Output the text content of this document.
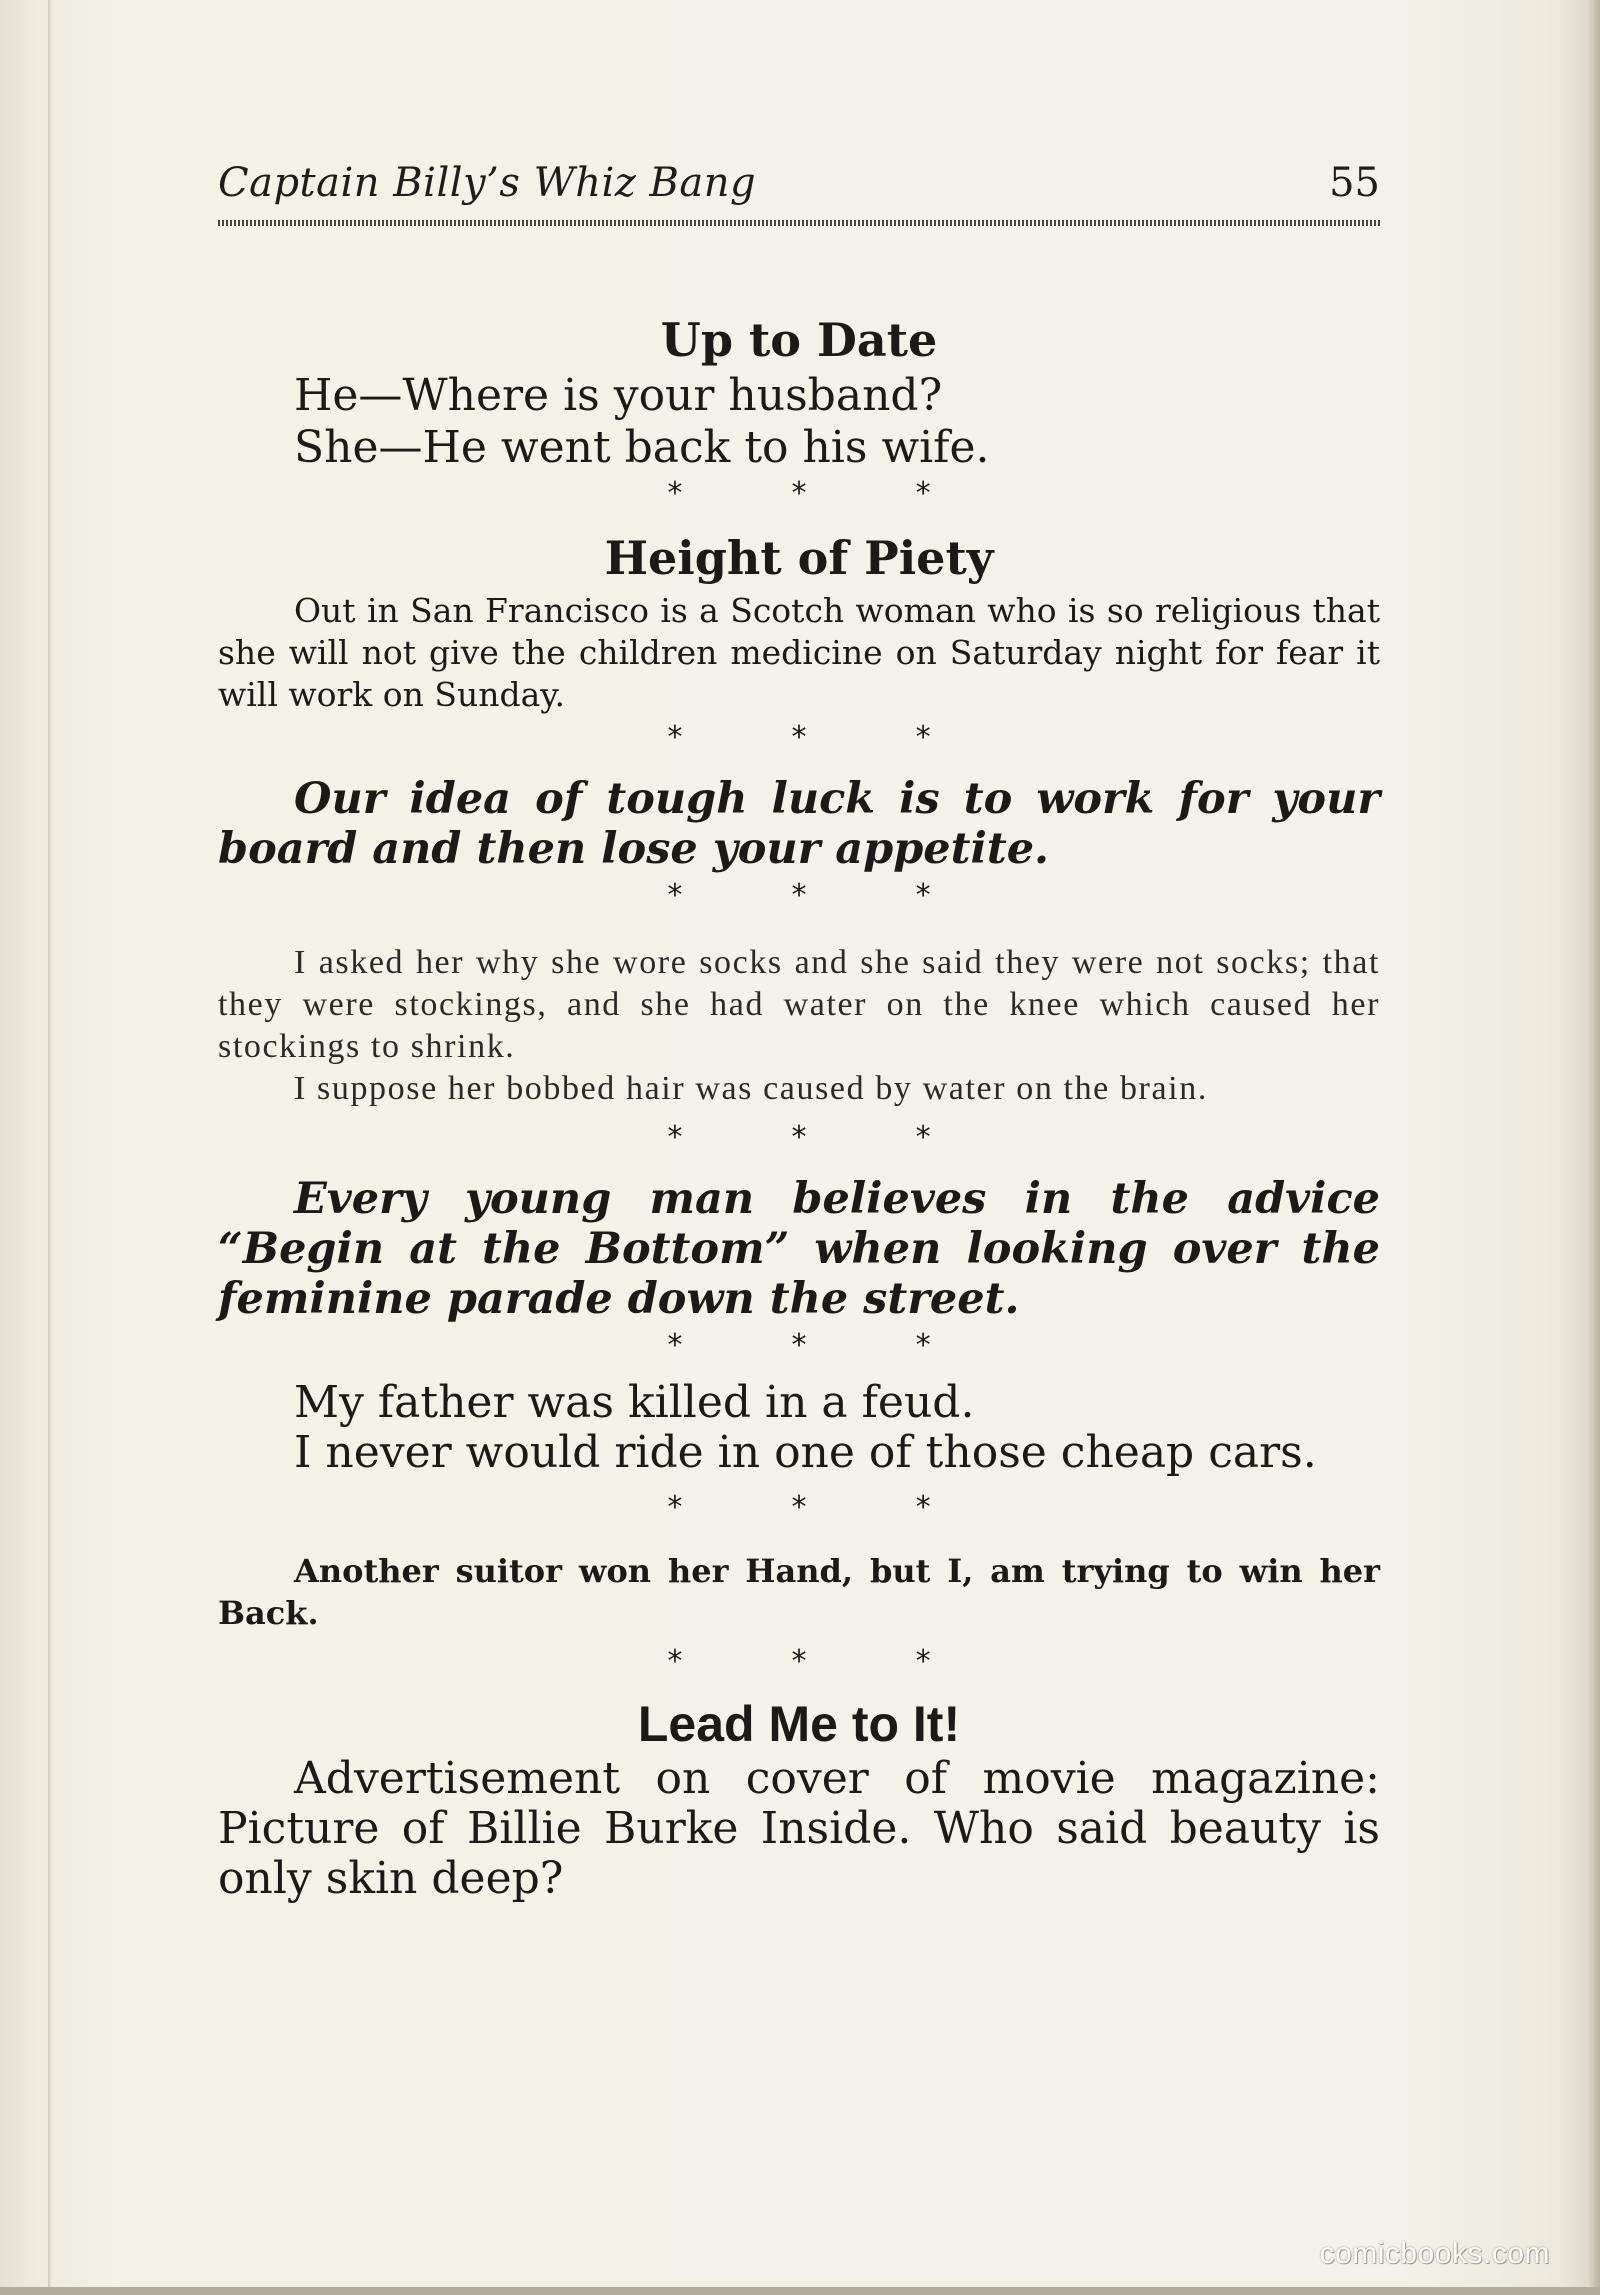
Captain Billy’s Whiz Bang	55
Up to Date

He—Where is your husband?

She—He went back to his wife.

* * *

Height of Piety

Out in San Francisco is a Scotch woman who is so religious that she will not give the children medicine on Saturday night for fear it will work on Sunday.

* * *

Our idea of tough luck is to work for your board and then lose your appetite.

* * *

I asked her why she wore socks and she said they were not socks; that they were stockings, and she had water on the knee which caused her stockings to shrink.

I suppose her bobbed hair was caused by water on the brain.

* * *

Every young man believes in the advice “Begin at the Bottom” when looking over the feminine parade down the street.

* * *

My father was killed in a feud.

I never would ride in one of those cheap cars.

* * *

Another suitor won her Hand, but I, am trying to win her Back.

* * *

Lead Me to It!

Advertisement on cover of movie magazine: Picture of Billie Burke Inside. Who said beauty is only skin deep?

comicbooks.com
